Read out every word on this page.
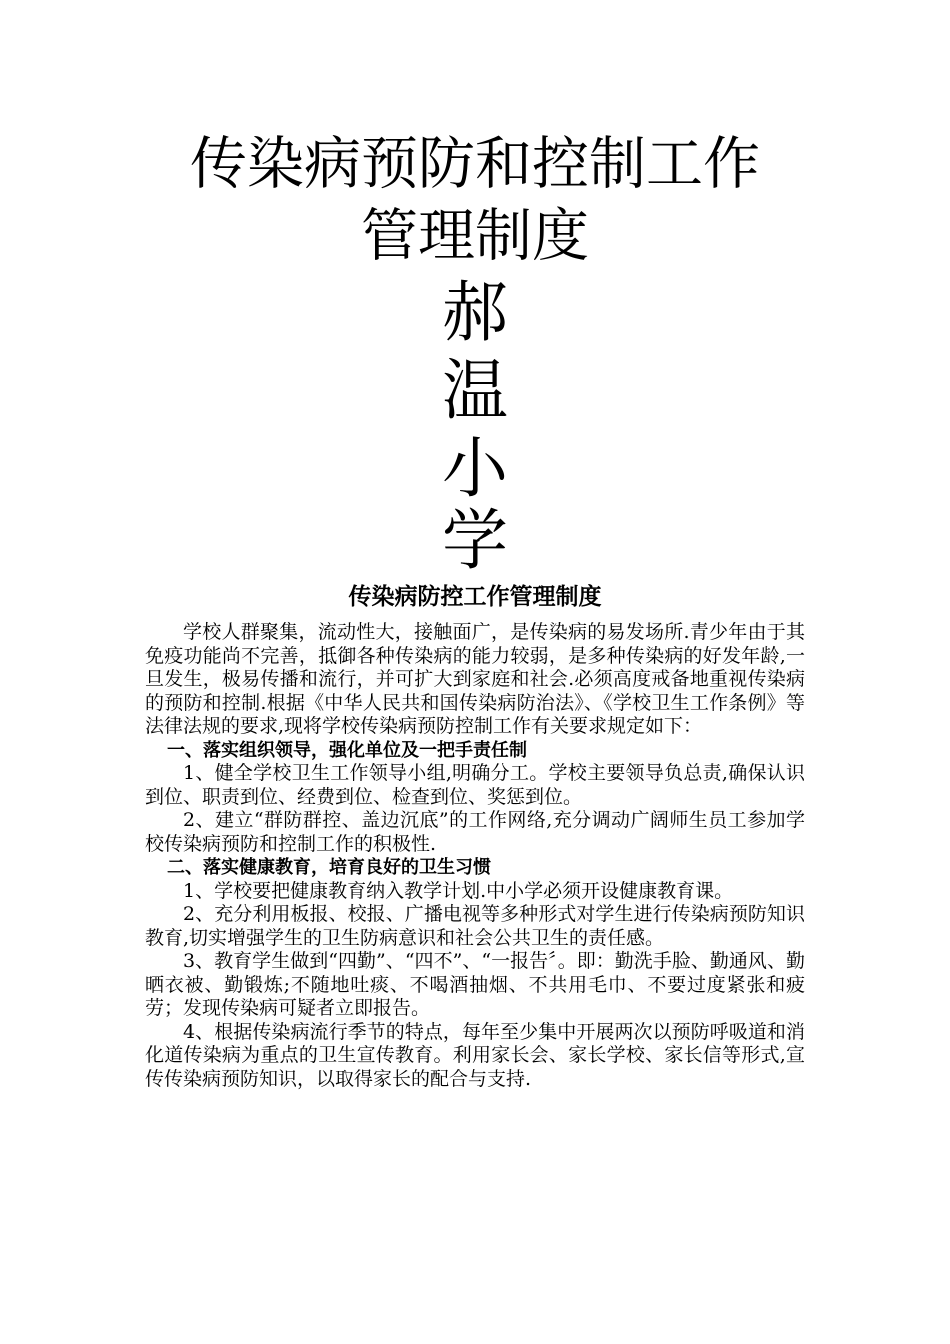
传染病预防和控制工作
管理制度
郝
温
小
学
传染病防控工作管理制度

学校人群聚集，流动性大，接触面广，是传染病的易发场所.青少年由于其免疫功能尚不完善，抵御各种传染病的能力较弱，是多种传染病的好发年龄,一旦发生，极易传播和流行，并可扩大到家庭和社会.必须高度戒备地重视传染病的预防和控制.根据《中华人民共和国传染病防治法》、《学校卫生工作条例》等法律法规的要求,现将学校传染病预防控制工作有关要求规定如下：

一、落实组织领导，强化单位及一把手责任制

1、健全学校卫生工作领导小组,明确分工。学校主要领导负总责,确保认识到位、职责到位、经费到位、检查到位、奖惩到位。

2、建立“群防群控、盖边沉底”的工作网络,充分调动广阔师生员工参加学校传染病预防和控制工作的积极性.

二、落实健康教育，培育良好的卫生习惯

1、学校要把健康教育纳入教学计划.中小学必须开设健康教育课。

2、充分利用板报、校报、广播电视等多种形式对学生进行传染病预防知识教育,切实增强学生的卫生防病意识和社会公共卫生的责任感。

3、教育学生做到“四勤”、“四不”、“一报告〞。即：勤洗手脸、勤通风、勤晒衣被、勤锻炼;不随地吐痰、不喝酒抽烟、不共用毛巾、不要过度紧张和疲劳；发现传染病可疑者立即报告。

4、根据传染病流行季节的特点，每年至少集中开展两次以预防呼吸道和消化道传染病为重点的卫生宣传教育。利用家长会、家长学校、家长信等形式,宣传传染病预防知识，以取得家长的配合与支持.
